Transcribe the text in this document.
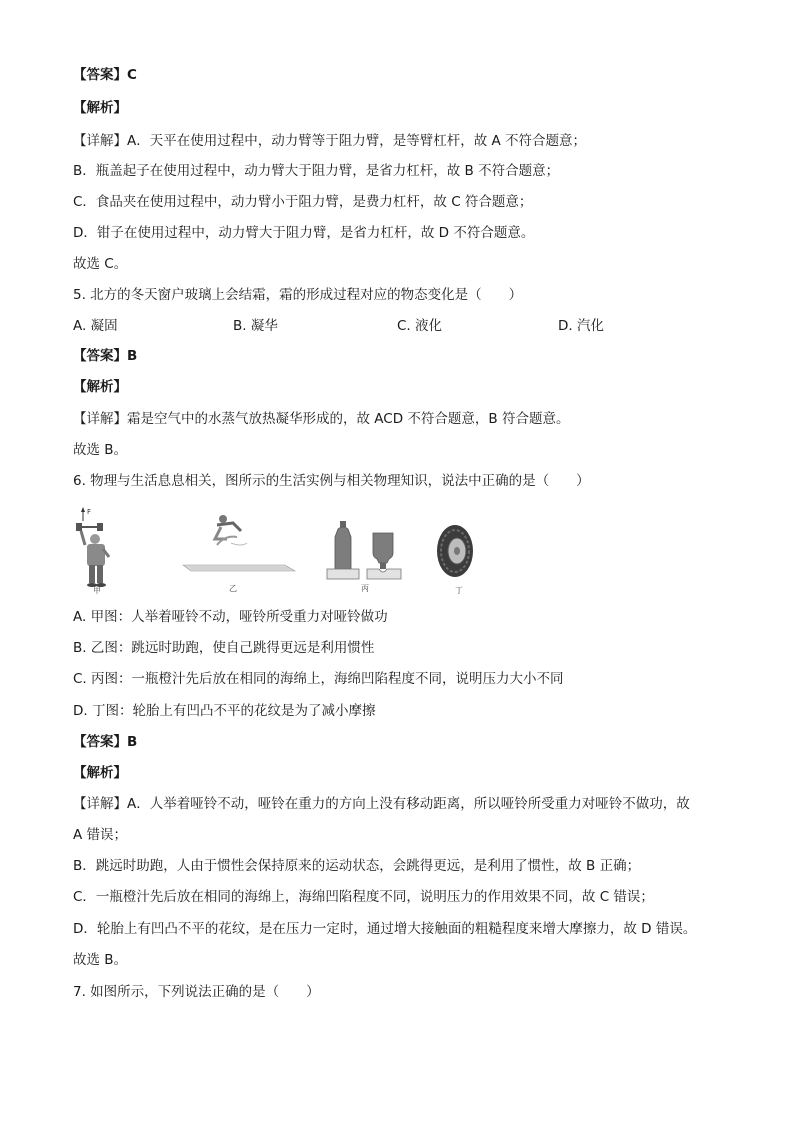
【答案】C
【解析】
【详解】A．天平在使用过程中，动力臂等于阻力臂，是等臂杠杆，故 A 不符合题意；
B．瓶盖起子在使用过程中，动力臂大于阻力臂，是省力杠杆，故 B 不符合题意；
C．食品夹在使用过程中，动力臂小于阻力臂，是费力杠杆，故 C 符合题意；
D．钳子在使用过程中，动力臂大于阻力臂，是省力杠杆，故 D 不符合题意。
故选 C。
5. 北方的冬天窗户玻璃上会结霜，霜的形成过程对应的物态变化是（　　）
A. 凝固	B. 凝华	C. 液化	D. 汽化
【答案】B
【解析】
【详解】霜是空气中的水蒸气放热凝华形成的，故 ACD 不符合题意，B 符合题意。
故选 B。
6. 物理与生活息息相关，图所示的生活实例与相关物理知识，说法中正确的是（　　）
F
甲	乙	丙	丁
A. 甲图：人举着哑铃不动，哑铃所受重力对哑铃做功
B. 乙图：跳远时助跑，使自己跳得更远是利用惯性
C. 丙图：一瓶橙汁先后放在相同的海绵上，海绵凹陷程度不同，说明压力大小不同
D. 丁图：轮胎上有凹凸不平的花纹是为了减小摩擦
【答案】B
【解析】
【详解】A．人举着哑铃不动，哑铃在重力的方向上没有移动距离，所以哑铃所受重力对哑铃不做功，故
A 错误；
B．跳远时助跑，人由于惯性会保持原来的运动状态，会跳得更远，是利用了惯性，故 B 正确；
C．一瓶橙汁先后放在相同的海绵上，海绵凹陷程度不同，说明压力的作用效果不同，故 C 错误；
D．轮胎上有凹凸不平的花纹，是在压力一定时，通过增大接触面的粗糙程度来增大摩擦力，故 D 错误。
故选 B。
7. 如图所示，下列说法正确的是（　　）
